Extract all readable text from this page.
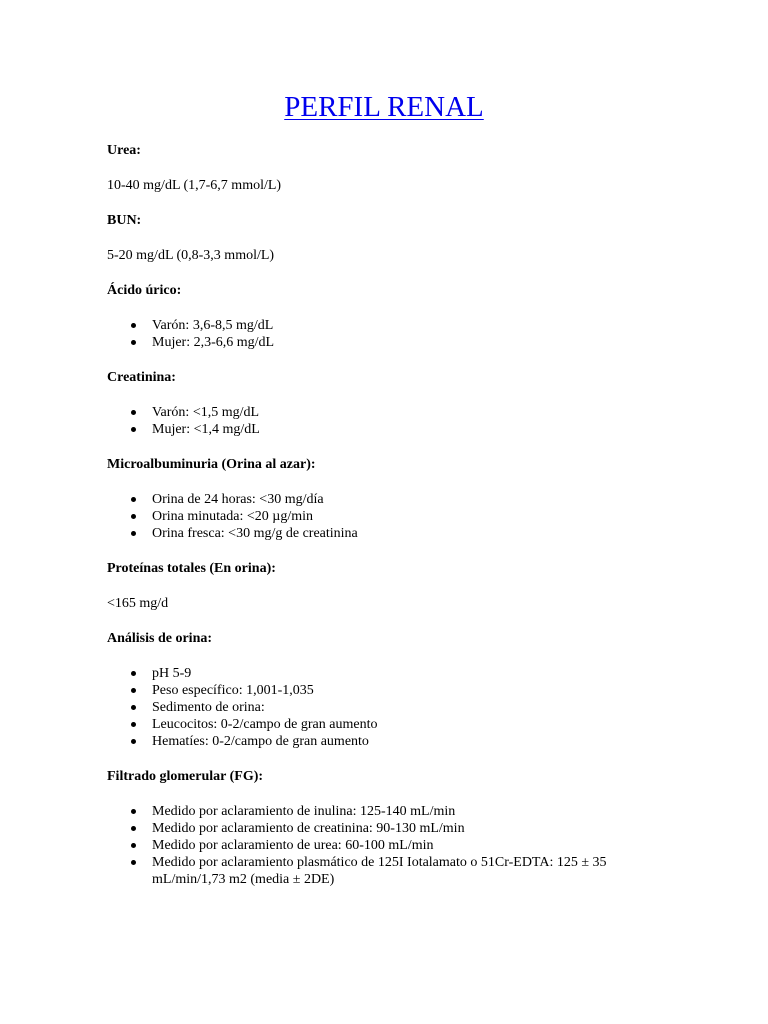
PERFIL RENAL

Urea:

10-40 mg/dL (1,7-6,7 mmol/L)

BUN:

5-20 mg/dL (0,8-3,3 mmol/L)

Ácido úrico:

Varón: 3,6-8,5 mg/dL
Mujer: 2,3-6,6 mg/dL

Creatinina:

Varón: <1,5 mg/dL
Mujer: <1,4 mg/dL

Microalbuminuria (Orina al azar):

Orina de 24 horas: <30 mg/día
Orina minutada: <20 µg/min
Orina fresca: <30 mg/g de creatinina

Proteínas totales (En orina):

<165 mg/d

Análisis de orina:

pH 5-9
Peso específico: 1,001-1,035
Sedimento de orina:
Leucocitos: 0-2/campo de gran aumento
Hematíes: 0-2/campo de gran aumento

Filtrado glomerular (FG):

Medido por aclaramiento de inulina: 125-140 mL/min
Medido por aclaramiento de creatinina: 90-130 mL/min
Medido por aclaramiento de urea: 60-100 mL/min
Medido por aclaramiento plasmático de 125I Iotalamato o 51Cr-EDTA: 125 ± 35 mL/min/1,73 m2 (media ± 2DE)
